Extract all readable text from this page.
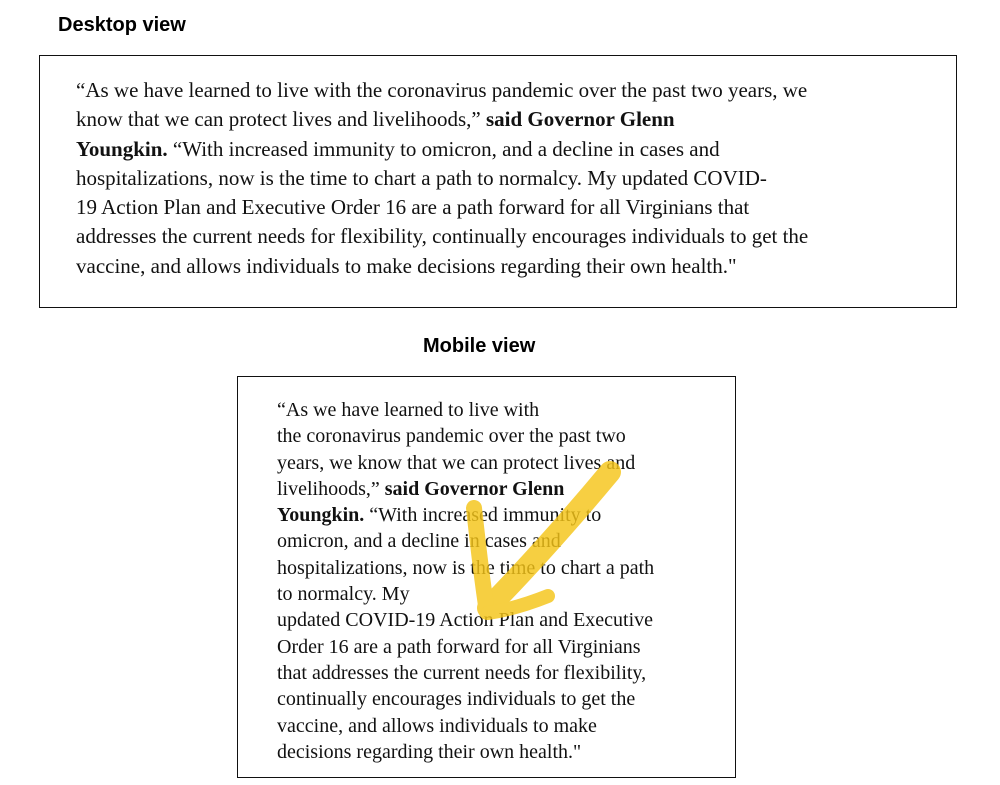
Desktop view
“As we have learned to live with the coronavirus pandemic over the past two years, we
know that we can protect lives and livelihoods,” said Governor Glenn
Youngkin. “With increased immunity to omicron, and a decline in cases and
hospitalizations, now is the time to chart a path to normalcy. My updated COVID-
19 Action Plan and Executive Order 16 are a path forward for all Virginians that
addresses the current needs for flexibility, continually encourages individuals to get the
vaccine, and allows individuals to make decisions regarding their own health."
Mobile view
“As we have learned to live with
the coronavirus pandemic over the past two
years, we know that we can protect lives and
livelihoods,” said Governor Glenn
Youngkin. “With increased immunity to
omicron, and a decline in cases and
hospitalizations, now is the time to chart a path
to normalcy. My
updated COVID-19 Action Plan and Executive
Order 16 are a path forward for all Virginians
that addresses the current needs for flexibility,
continually encourages individuals to get the
vaccine, and allows individuals to make
decisions regarding their own health."
